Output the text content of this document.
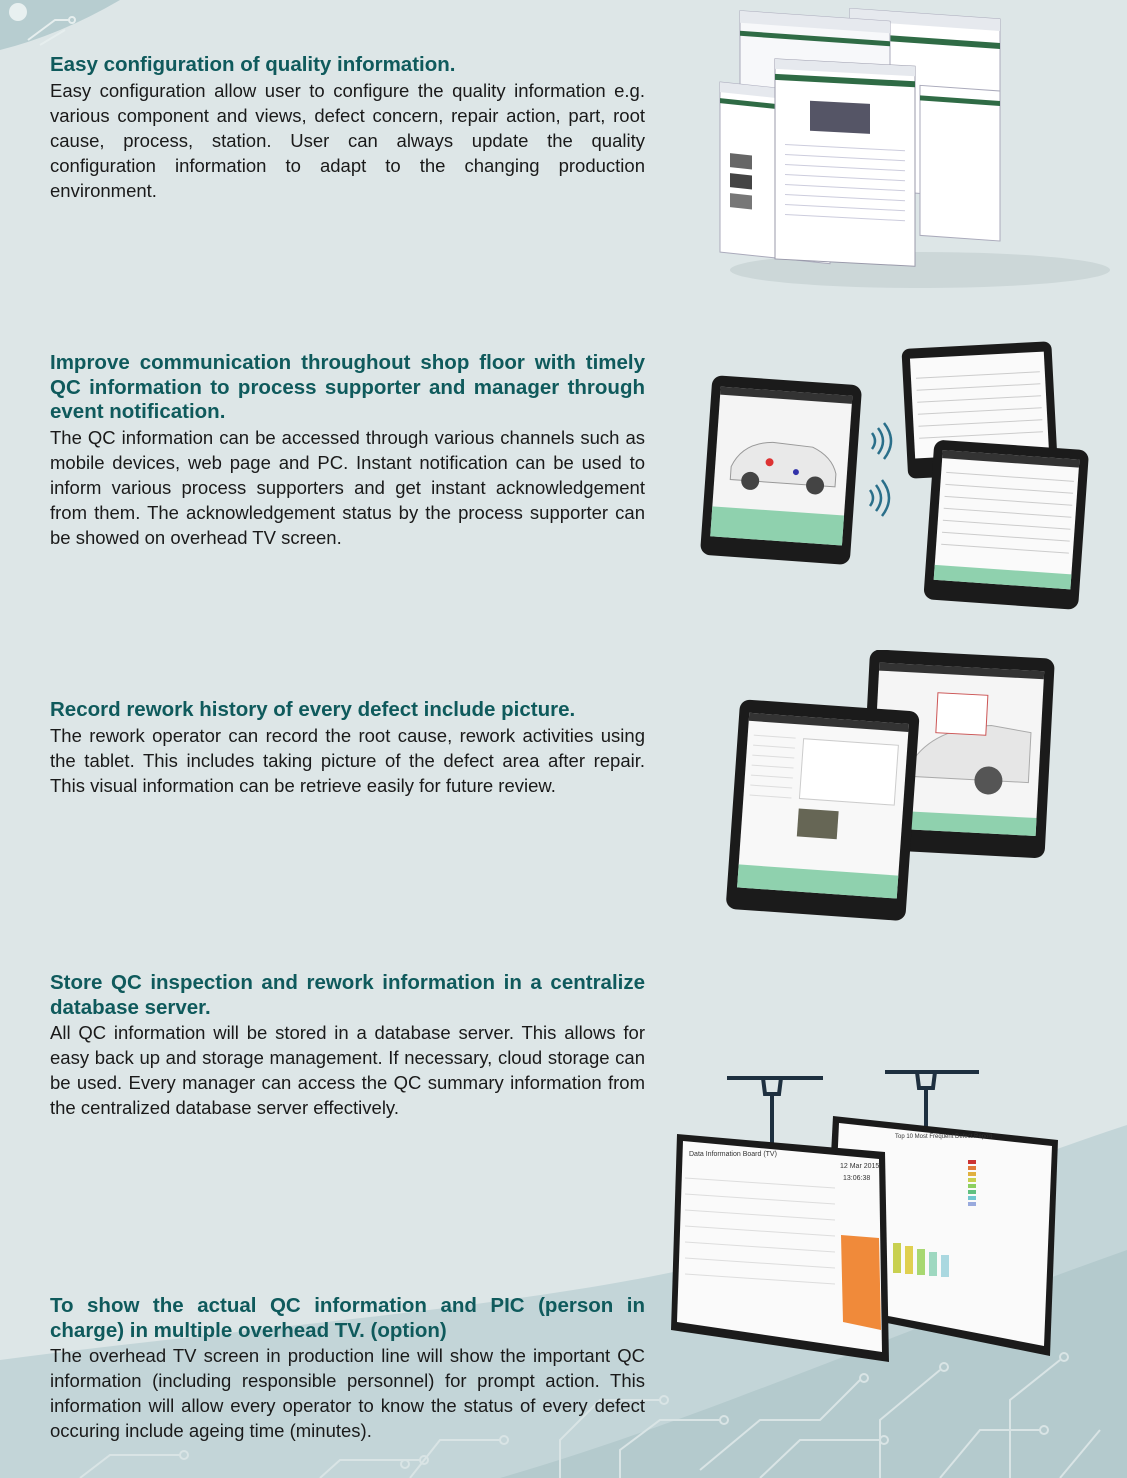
Easy configuration of quality information.

Easy configuration allow user to configure the quality information e.g. various component and views, defect concern, repair action, part, root cause, process, station. User can always update the quality configuration information to adapt to the changing production environment.

Improve communication throughout shop floor with timely QC information to process supporter and manager through event notification.

The QC information can be accessed through various channels such as mobile devices, web page and PC. Instant notification can be used to inform various process supporters and get instant acknowledgement from them. The acknowledgement status by the process supporter can be showed on overhead TV screen.

Record rework history of every defect include picture.

The rework operator can record the root cause, rework activities using the tablet. This includes taking picture of the defect area after repair. This visual information can be retrieve easily for future review.

Store QC inspection and rework information in a centralize database server.

All QC information will be stored in a database server. This allows for easy back up and storage management. If necessary, cloud storage can be used. Every manager can access the QC summary information from the centralized database server effectively.

To show the actual QC information and PIC (person in charge) in multiple overhead TV. (option)

The overhead TV screen in production line will show the important QC information (including responsible personnel) for prompt action. This information will allow every operator to know the status of every defect occuring include ageing time (minutes).

Top 10 Most Frequent Defect Report
Data Information Board (TV)
12 Mar 2015
13:06:38
